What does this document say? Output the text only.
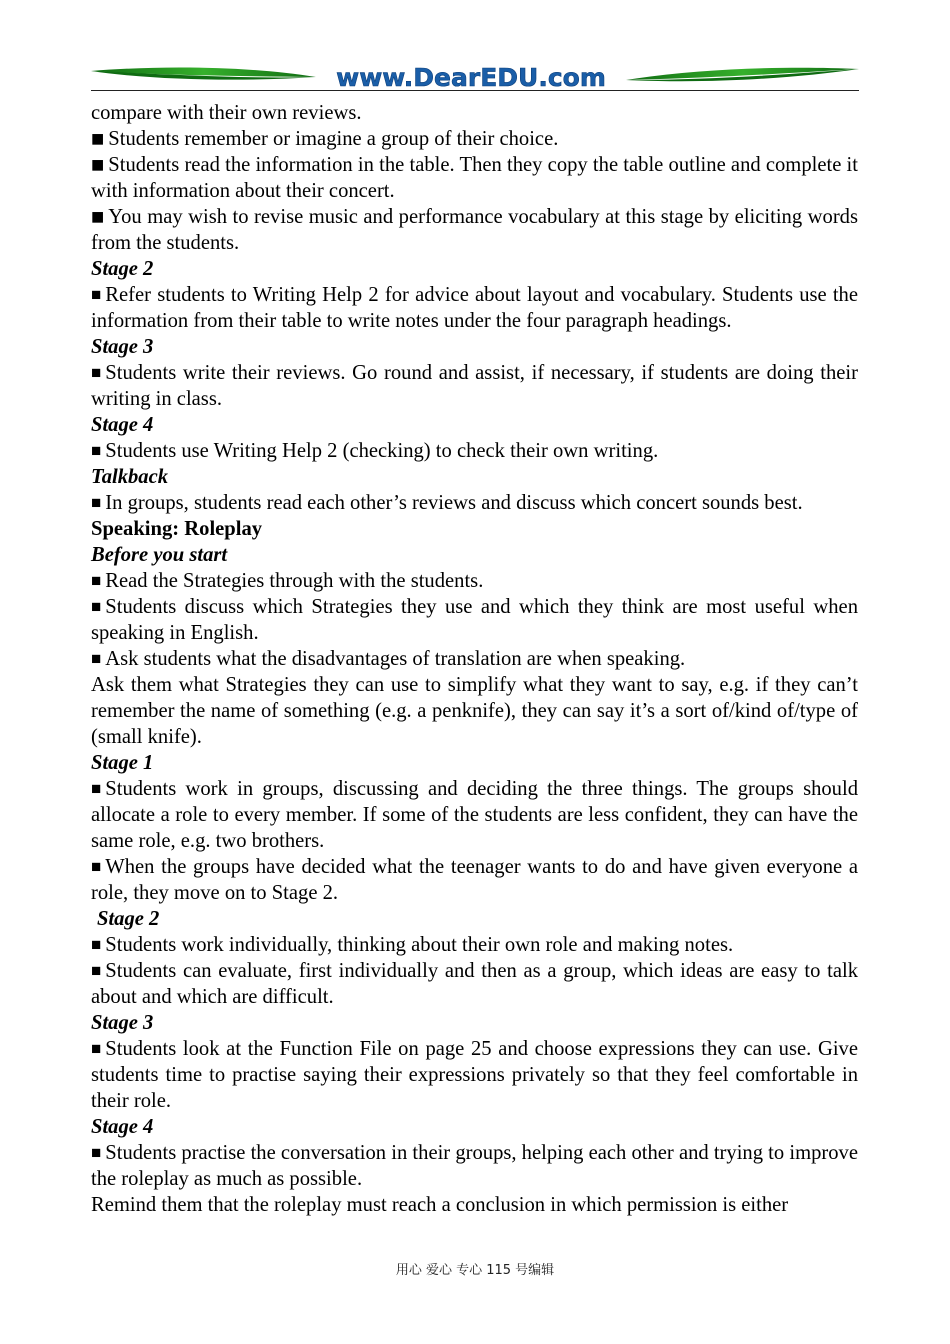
www.DearEDU.com

compare with their own reviews.

■ Students remember or imagine a group of their choice.

■ Students read the information in the table. Then they copy the table outline and complete it with information about their concert.

■ You may wish to revise music and performance vocabulary at this stage by eliciting words from the students.

Stage 2

■ Refer students to Writing Help 2 for advice about layout and vocabulary. Students use the information from their table to write notes under the four paragraph headings.

Stage 3

■ Students write their reviews. Go round and assist, if necessary, if students are doing their writing in class.

Stage 4

■ Students use Writing Help 2 (checking) to check their own writing.

Talkback

■ In groups, students read each other’s reviews and discuss which concert sounds best.

Speaking: Roleplay

Before you start

■ Read the Strategies through with the students.

■ Students discuss which Strategies they use and which they think are most useful when speaking in English.

■ Ask students what the disadvantages of translation are when speaking.

Ask them what Strategies they can use to simplify what they want to say, e.g. if they can’t remember the name of something (e.g. a penknife), they can say it’s a sort of/kind of/type of (small knife).

Stage 1

■ Students work in groups, discussing and deciding the three things. The groups should allocate a role to every member. If some of the students are less confident, they can have the same role, e.g. two brothers.

■ When the groups have decided what the teenager wants to do and have given everyone a role, they move on to Stage 2.

Stage 2

■ Students work individually, thinking about their own role and making notes.

■ Students can evaluate, first individually and then as a group, which ideas are easy to talk about and which are difficult.

Stage 3

■ Students look at the Function File on page 25 and choose expressions they can use. Give students time to practise saying their expressions privately so that they feel comfortable in their role.

Stage 4

■ Students practise the conversation in their groups, helping each other and trying to improve the roleplay as much as possible.

Remind them that the roleplay must reach a conclusion in which permission is either

用心 爱心 专心 115 号编辑
